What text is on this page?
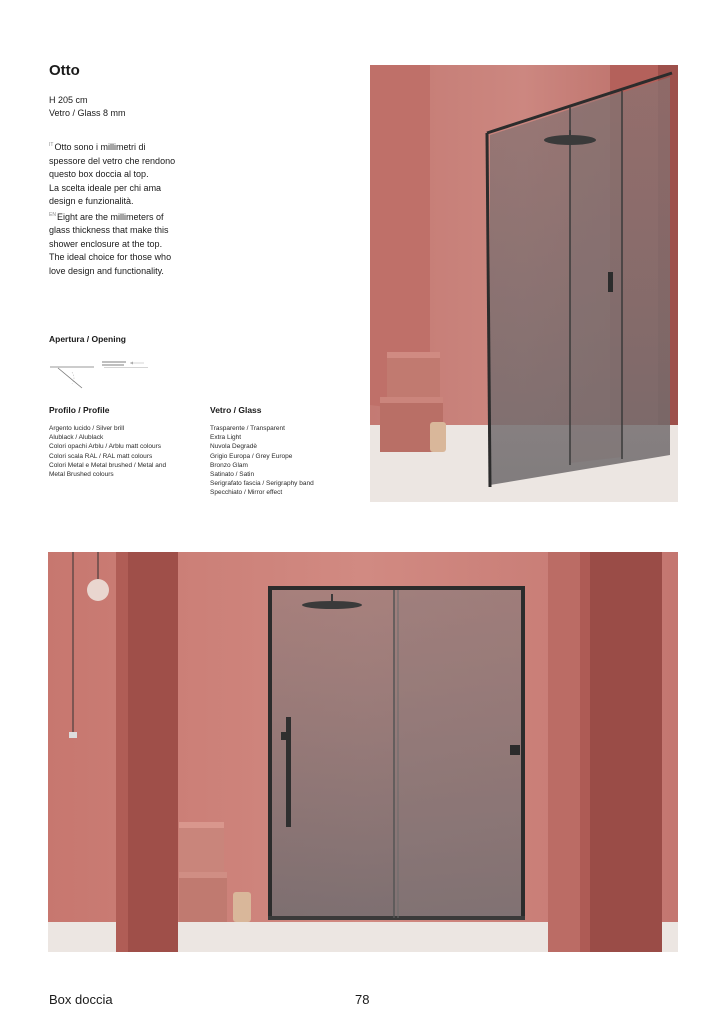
Otto
H 205 cm
Vetro / Glass 8 mm

$^{IT}$Otto sono i millimetri di

spessore del vetro che rendono

questo box doccia al top.

La scelta ideale per chi ama

design e funzionalità.

$^{EN}$Eight are the millimeters of

glass thickness that make this

shower enclosure at the top.

The ideal choice for those who

love design and functionality.

Apertura / Opening
Profilo / Profile
Argento lucido / Silver brill
Alublack / Alublack
Colori opachi Arblu / Arblu matt colours
Colori scala RAL / RAL matt colours
Colori Metal e Metal brushed / Metal and
Metal Brushed colours
Vetro / Glass
Trasparente / Transparent
Extra Light
Nuvola Degradè
Grigio Europa / Grey Europe
Bronzo Glam
Satinato / Satin
Serigrafato fascia / Serigraphy band
Specchiato / Mirror effect
Box doccia	78
